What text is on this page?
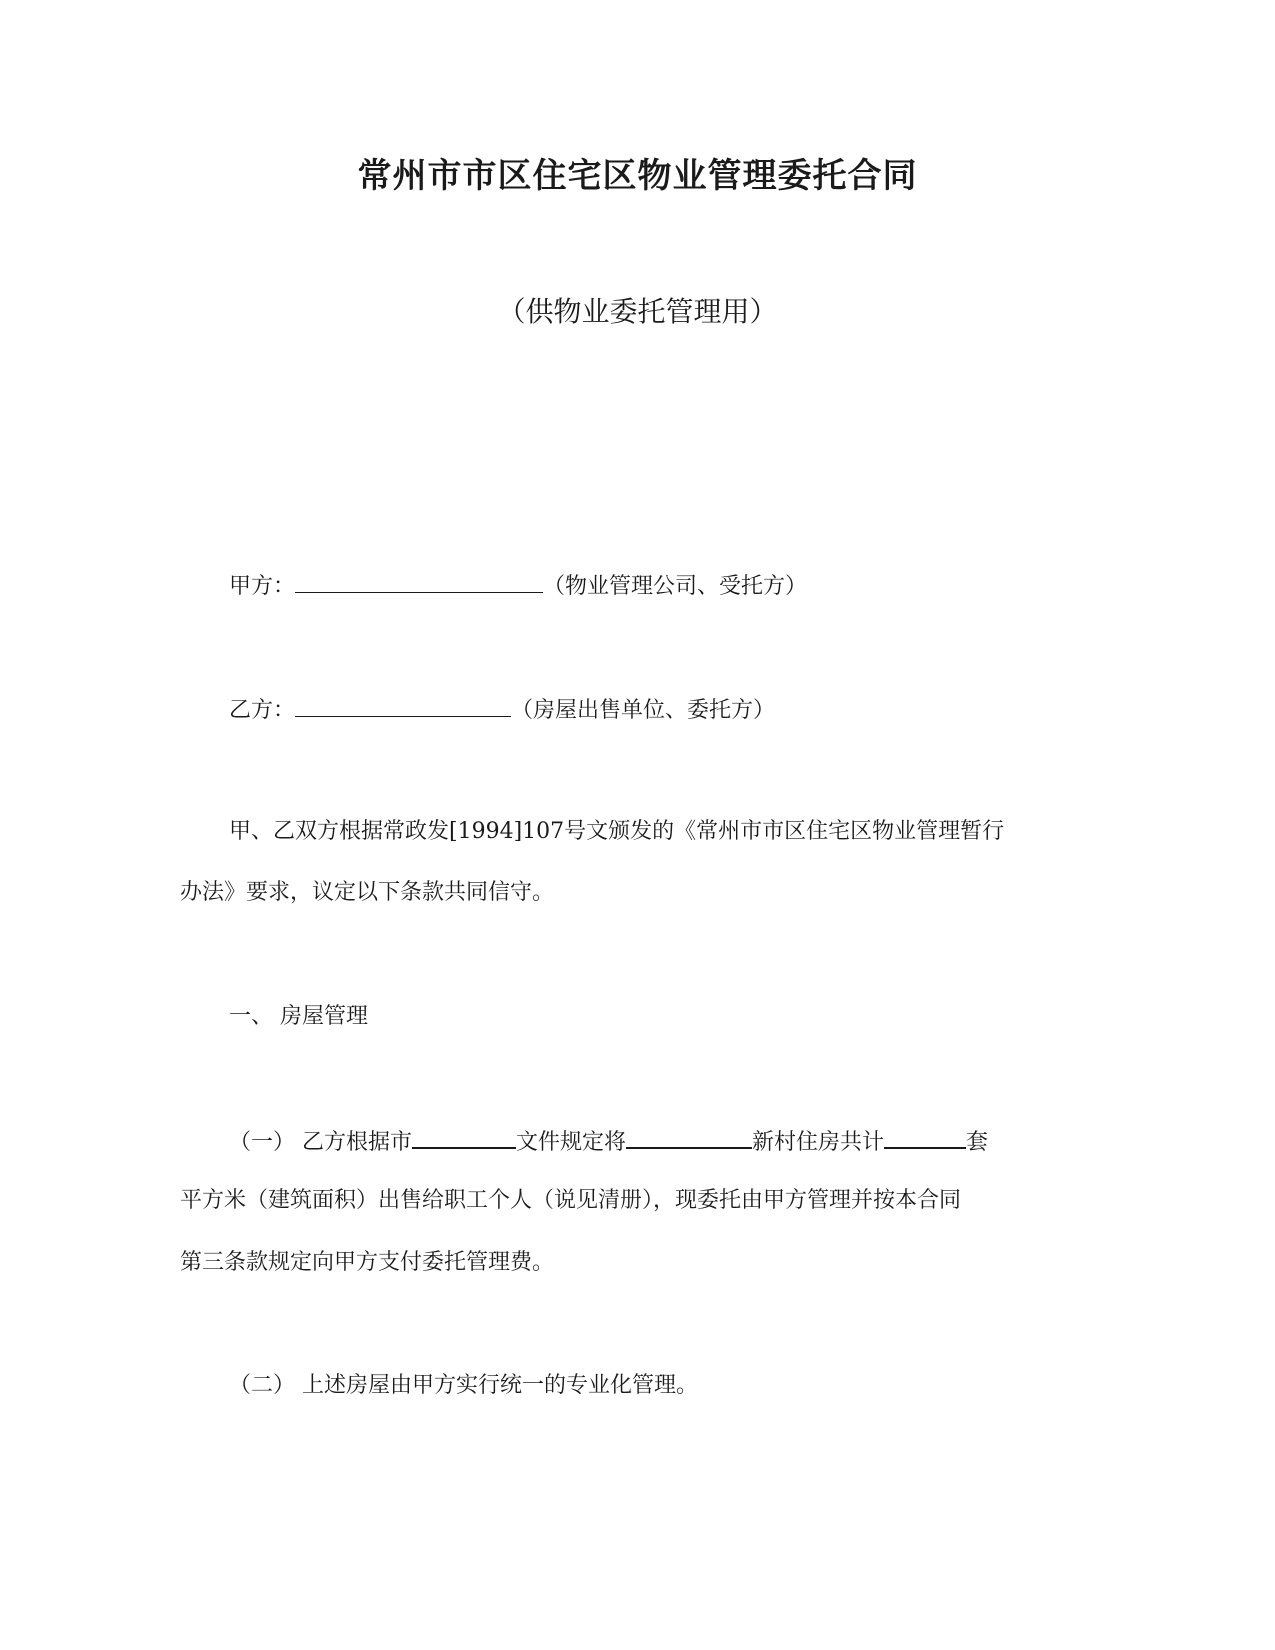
常州市市区住宅区物业管理委托合同
（供物业委托管理用）
甲方：	（物业管理公司、受托方）
乙方：	（房屋出售单位、委托方）
甲、乙双方根据常政发[1994]107号文颁发的《常州市市区住宅区物业管理暂行
办法》要求，议定以下条款共同信守。
一、 房屋管理
（一） 乙方根据市	文件规定将	新村住房共计	套
平方米（建筑面积）出售给职工个人（说见清册），现委托由甲方管理并按本合同
第三条款规定向甲方支付委托管理费。
（二） 上述房屋由甲方实行统一的专业化管理。
